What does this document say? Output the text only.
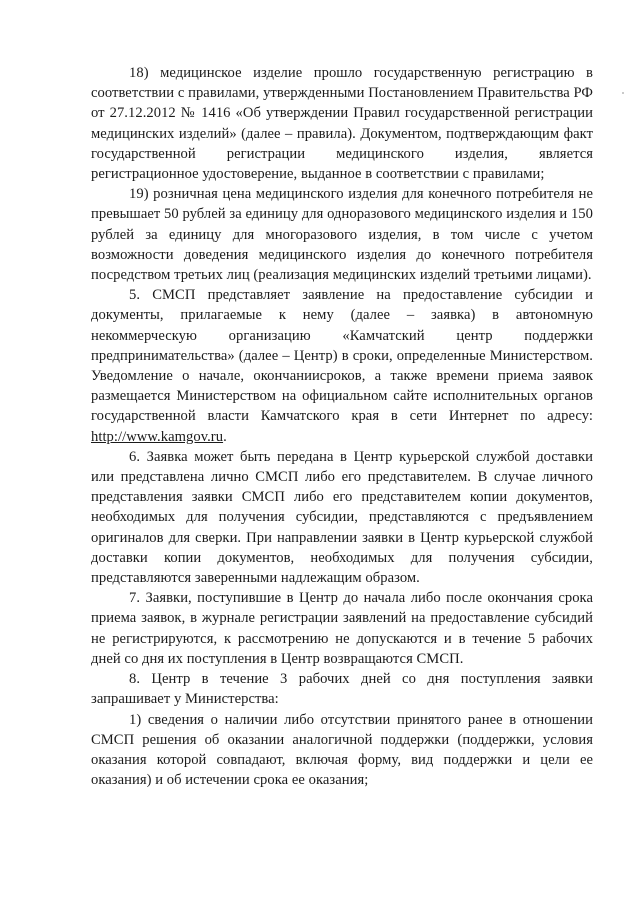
18) медицинское изделие прошло государственную регистрацию в соответствии с правилами, утвержденными Постановлением Правительства РФ от 27.12.2012 № 1416 «Об утверждении Правил государственной регистрации медицинских изделий» (далее – правила). Документом, подтверждающим факт государственной регистрации медицинского изделия, является регистрационное удостоверение, выданное в соответствии с правилами;

19) розничная цена медицинского изделия для конечного потребителя не превышает 50 рублей за единицу для одноразового медицинского изделия и 150 рублей за единицу для многоразового изделия, в том числе с учетом возможности доведения медицинского изделия до конечного потребителя посредством третьих лиц (реализация медицинских изделий третьими лицами).

5. СМСП представляет заявление на предоставление субсидии и документы, прилагаемые к нему (далее – заявка) в автономную некоммерческую организацию «Камчатский центр поддержки предпринимательства» (далее – Центр) в сроки, определенные Министерством. Уведомление о начале, окончанииcроков, а также времени приема заявок размещается Министерством на официальном сайте исполнительных органов государственной власти Камчатского края в сети Интернет по адресу: http://www.kamgov.ru.

6. Заявка может быть передана в Центр курьерской службой доставки или представлена лично СМСП либо его представителем. В случае личного представления заявки СМСП либо его представителем копии документов, необходимых для получения субсидии, представляются с предъявлением оригиналов для сверки. При направлении заявки в Центр курьерской службой доставки копии документов, необходимых для получения субсидии, представляются заверенными надлежащим образом.

7. Заявки, поступившие в Центр до начала либо после окончания срока приема заявок, в журнале регистрации заявлений на предоставление субсидий не регистрируются, к рассмотрению не допускаются и в течение 5 рабочих дней со дня их поступления в Центр возвращаются СМСП.

8. Центр в течение 3 рабочих дней со дня поступления заявки запрашивает у Министерства:

1) сведения о наличии либо отсутствии принятого ранее в отношении СМСП решения об оказании аналогичной поддержки (поддержки, условия оказания которой совпадают, включая форму, вид поддержки и цели ее оказания) и об истечении срока ее оказания;
